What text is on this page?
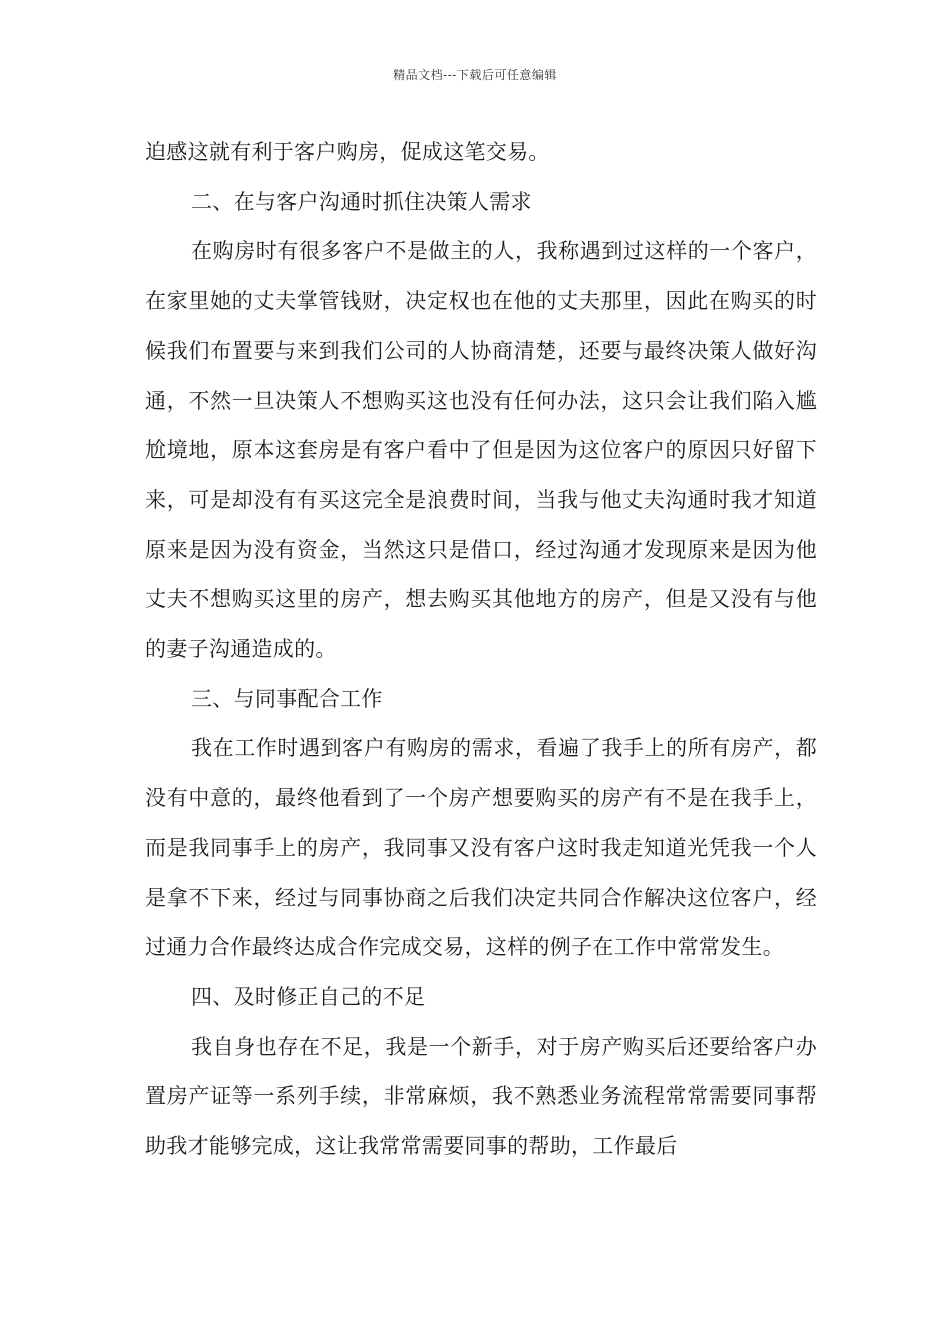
精品文档---下载后可任意编辑

迫感这就有利于客户购房，促成这笔交易。

二、在与客户沟通时抓住决策人需求

在购房时有很多客户不是做主的人，我称遇到过这样的一个客户，在家里她的丈夫掌管钱财，决定权也在他的丈夫那里，因此在购买的时候我们布置要与来到我们公司的人协商清楚，还要与最终决策人做好沟通，不然一旦决策人不想购买这也没有任何办法，这只会让我们陷入尴尬境地，原本这套房是有客户看中了但是因为这位客户的原因只好留下来，可是却没有有买这完全是浪费时间，当我与他丈夫沟通时我才知道原来是因为没有资金，当然这只是借口，经过沟通才发现原来是因为他丈夫不想购买这里的房产，想去购买其他地方的房产，但是又没有与他的妻子沟通造成的。

三、与同事配合工作

我在工作时遇到客户有购房的需求，看遍了我手上的所有房产，都没有中意的，最终他看到了一个房产想要购买的房产有不是在我手上，而是我同事手上的房产，我同事又没有客户这时我走知道光凭我一个人是拿不下来，经过与同事协商之后我们决定共同合作解决这位客户，经过通力合作最终达成合作完成交易，这样的例子在工作中常常发生。

四、及时修正自己的不足

我自身也存在不足，我是一个新手，对于房产购买后还要给客户办置房产证等一系列手续，非常麻烦，我不熟悉业务流程常常需要同事帮助我才能够完成，这让我常常需要同事的帮助，工作最后
